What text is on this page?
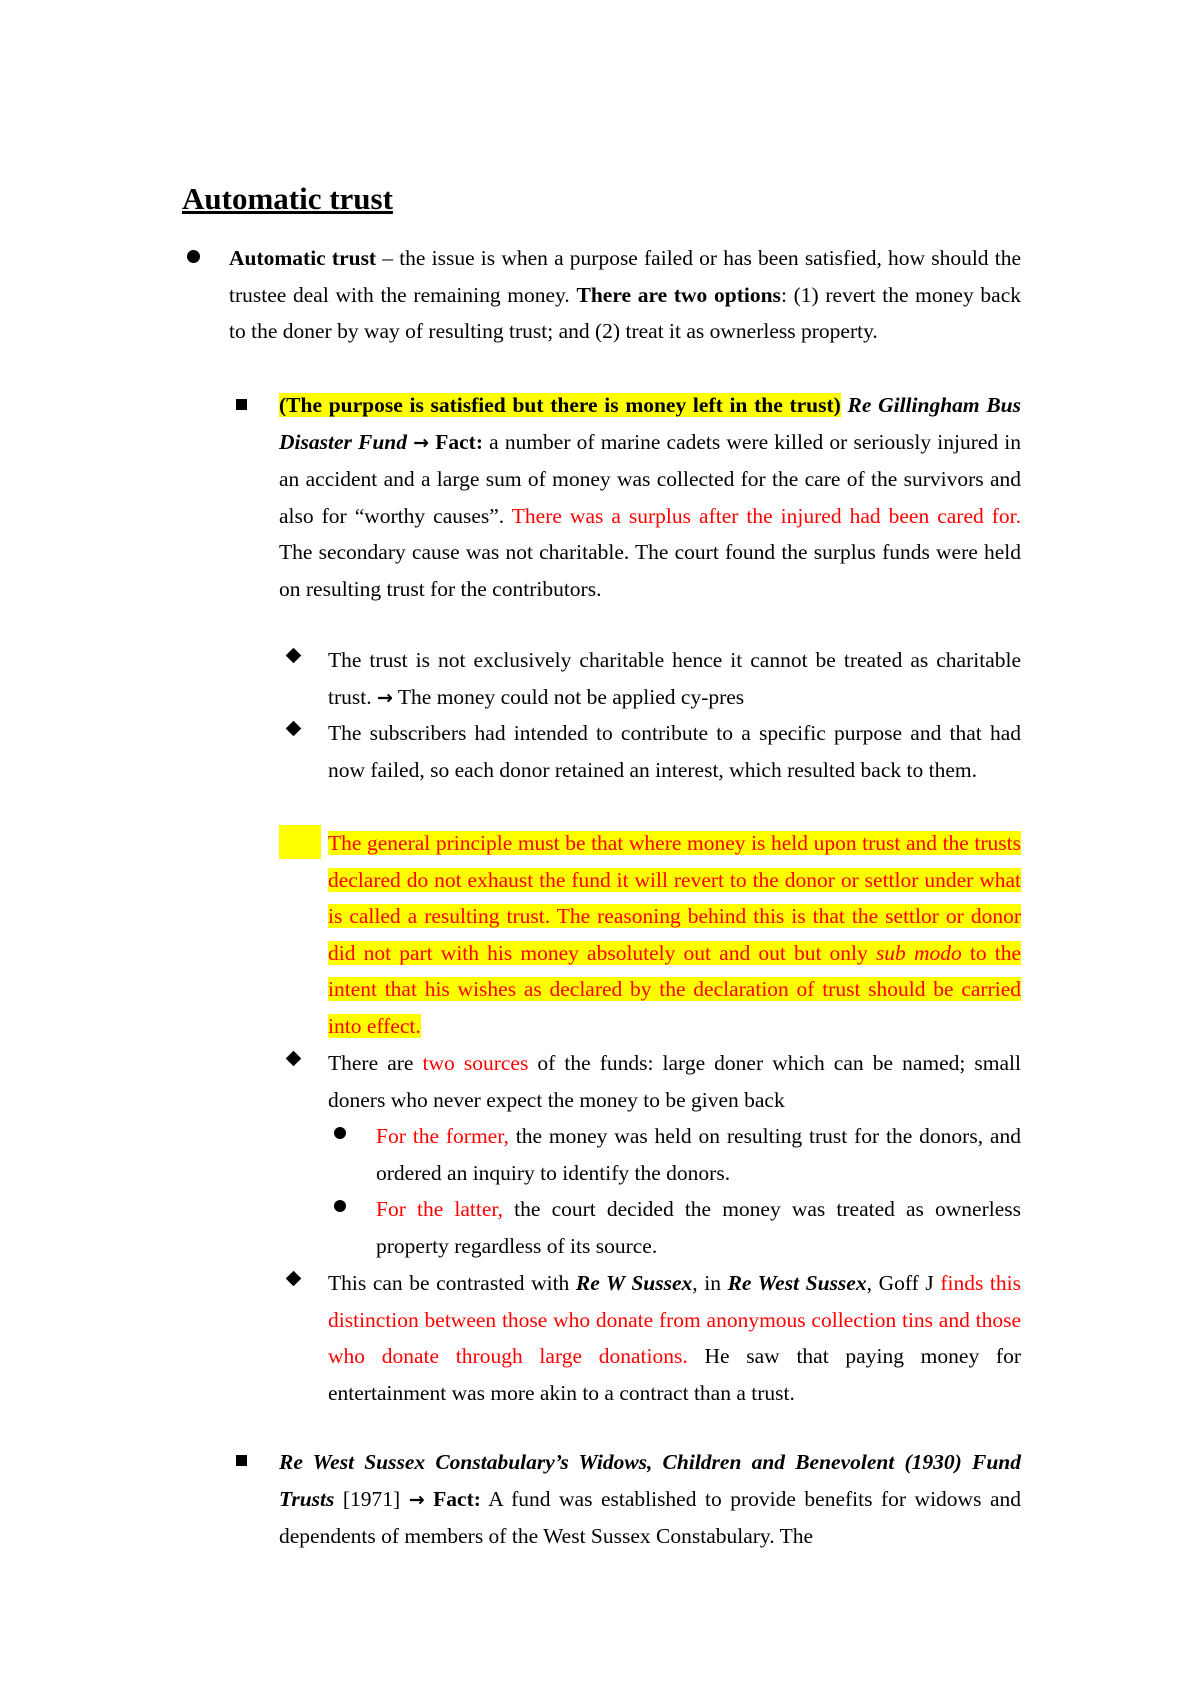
Automatic trust

Automatic trust – the issue is when a purpose failed or has been satisfied, how should the trustee deal with the remaining money. There are two options: (1) revert the money back to the doner by way of resulting trust; and (2) treat it as ownerless property.

(The purpose is satisfied but there is money left in the trust) Re Gillingham Bus Disaster Fund → Fact: a number of marine cadets were killed or seriously injured in an accident and a large sum of money was collected for the care of the survivors and also for “worthy causes”. There was a surplus after the injured had been cared for. The secondary cause was not charitable. The court found the surplus funds were held on resulting trust for the contributors.

The trust is not exclusively charitable hence it cannot be treated as charitable trust. → The money could not be applied cy-pres

The subscribers had intended to contribute to a specific purpose and that had now failed, so each donor retained an interest, which resulted back to them.

The general principle must be that where money is held upon trust and the trusts declared do not exhaust the fund it will revert to the donor or settlor under what is called a resulting trust. The reasoning behind this is that the settlor or donor did not part with his money absolutely out and out but only sub modo to the intent that his wishes as declared by the declaration of trust should be carried into effect.

There are two sources of the funds: large doner which can be named; small doners who never expect the money to be given back

For the former, the money was held on resulting trust for the donors, and ordered an inquiry to identify the donors.

For the latter, the court decided the money was treated as ownerless property regardless of its source.

This can be contrasted with Re W Sussex, in Re West Sussex, Goff J finds this distinction between those who donate from anonymous collection tins and those who donate through large donations. He saw that paying money for entertainment was more akin to a contract than a trust.

Re West Sussex Constabulary’s Widows, Children and Benevolent (1930) Fund Trusts [1971] → Fact: A fund was established to provide benefits for widows and dependents of members of the West Sussex Constabulary. The
